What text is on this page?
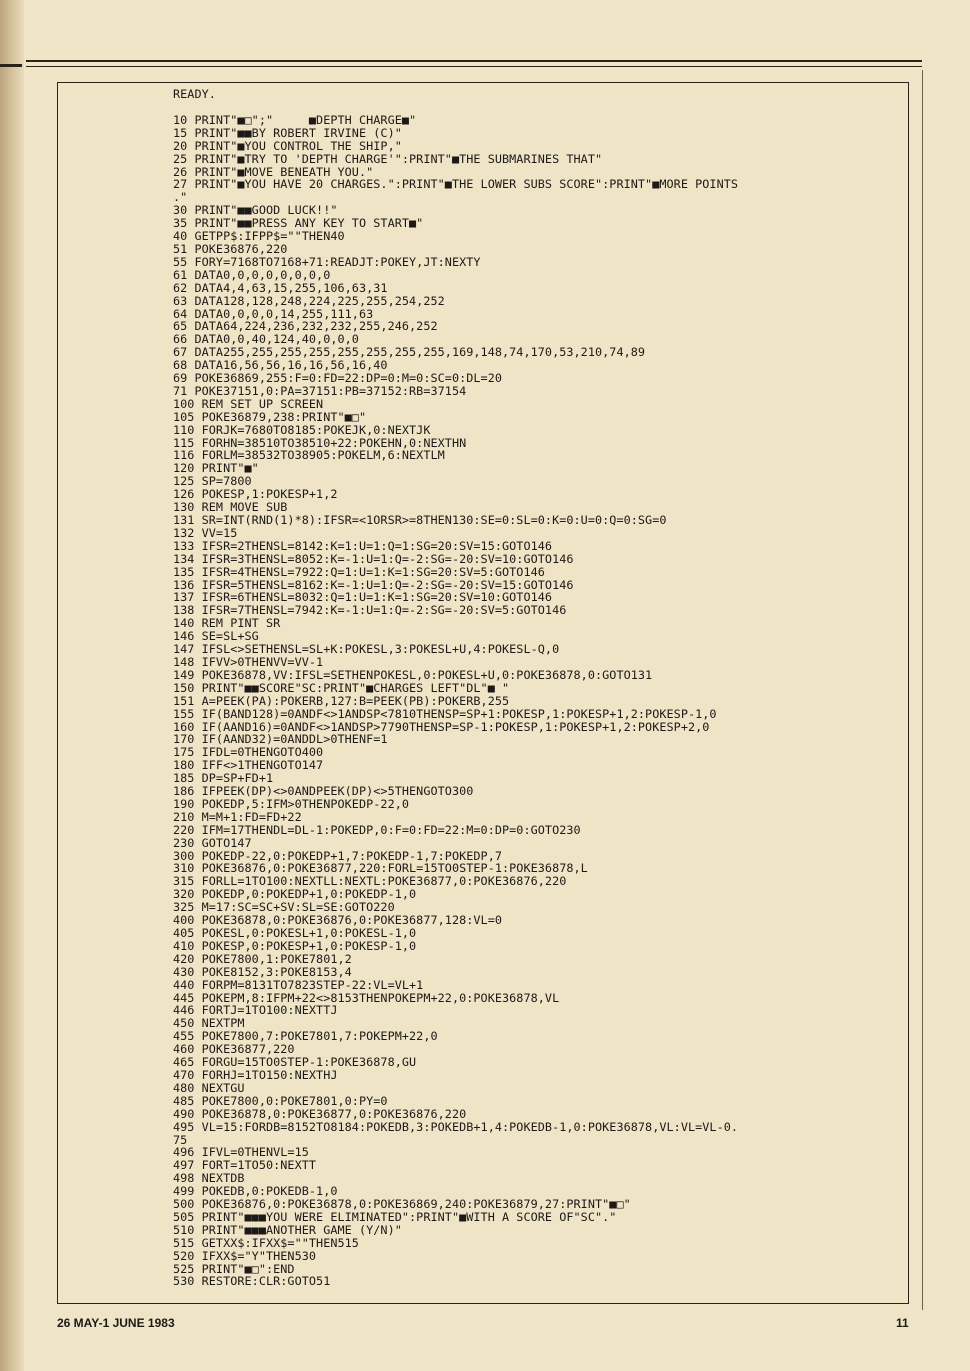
READY.
10 PRINT"■□";"     ■DEPTH CHARGE■"
15 PRINT"■■BY ROBERT IRVINE (C)"
20 PRINT"■YOU CONTROL THE SHIP,"
25 PRINT"■TRY TO 'DEPTH CHARGE'":PRINT"■THE SUBMARINES THAT"
26 PRINT"■MOVE BENEATH YOU."
27 PRINT"■YOU HAVE 20 CHARGES.":PRINT"■THE LOWER SUBS SCORE":PRINT"■MORE POINTS
."
30 PRINT"■■GOOD LUCK!!"
35 PRINT"■■PRESS ANY KEY TO START■"
40 GETPP$:IFPP$=""THEN40
51 POKE36876,220
55 FORY=7168TO7168+71:READJT:POKEY,JT:NEXTY
61 DATA0,0,0,0,0,0,0,0
62 DATA4,4,63,15,255,106,63,31
63 DATA128,128,248,224,225,255,254,252
64 DATA0,0,0,0,14,255,111,63
65 DATA64,224,236,232,232,255,246,252
66 DATA0,0,40,124,40,0,0,0
67 DATA255,255,255,255,255,255,255,255,169,148,74,170,53,210,74,89
68 DATA16,56,56,16,16,56,16,40
69 POKE36869,255:F=0:FD=22:DP=0:M=0:SC=0:DL=20
71 POKE37151,0:PA=37151:PB=37152:RB=37154
100 REM SET UP SCREEN
105 POKE36879,238:PRINT"■□"
110 FORJK=7680TO8185:POKEJK,0:NEXTJK
115 FORHN=38510TO38510+22:POKEHN,0:NEXTHN
116 FORLM=38532TO38905:POKELM,6:NEXTLM
120 PRINT"■"
125 SP=7800
126 POKESP,1:POKESP+1,2
130 REM MOVE SUB
131 SR=INT(RND(1)*8):IFSR=<1ORSR>=8THEN130:SE=0:SL=0:K=0:U=0:Q=0:SG=0
132 VV=15
133 IFSR=2THENSL=8142:K=1:U=1:Q=1:SG=20:SV=15:GOTO146
134 IFSR=3THENSL=8052:K=-1:U=1:Q=-2:SG=-20:SV=10:GOTO146
135 IFSR=4THENSL=7922:Q=1:U=1:K=1:SG=20:SV=5:GOTO146
136 IFSR=5THENSL=8162:K=-1:U=1:Q=-2:SG=-20:SV=15:GOTO146
137 IFSR=6THENSL=8032:Q=1:U=1:K=1:SG=20:SV=10:GOTO146
138 IFSR=7THENSL=7942:K=-1:U=1:Q=-2:SG=-20:SV=5:GOTO146
140 REM PINT SR
146 SE=SL+SG
147 IFSL<>SETHENSL=SL+K:POKESL,3:POKESL+U,4:POKESL-Q,0
148 IFVV>0THENVV=VV-1
149 POKE36878,VV:IFSL=SETHENPOKESL,0:POKESL+U,0:POKE36878,0:GOTO131
150 PRINT"■■SCORE"SC:PRINT"■CHARGES LEFT"DL"■ "
151 A=PEEK(PA):POKERB,127:B=PEEK(PB):POKERB,255
155 IF(BAND128)=0ANDF<>1ANDSP<7810THENSP=SP+1:POKESP,1:POKESP+1,2:POKESP-1,0
160 IF(AAND16)=0ANDF<>1ANDSP>7790THENSP=SP-1:POKESP,1:POKESP+1,2:POKESP+2,0
170 IF(AAND32)=0ANDDL>0THENF=1
175 IFDL=0THENGOTO400
180 IFF<>1THENGOTO147
185 DP=SP+FD+1
186 IFPEEK(DP)<>0ANDPEEK(DP)<>5THENGOTO300
190 POKEDP,5:IFM>0THENPOKEDP-22,0
210 M=M+1:FD=FD+22
220 IFM=17THENDL=DL-1:POKEDP,0:F=0:FD=22:M=0:DP=0:GOTO230
230 GOTO147
300 POKEDP-22,0:POKEDP+1,7:POKEDP-1,7:POKEDP,7
310 POKE36876,0:POKE36877,220:FORL=15TO0STEP-1:POKE36878,L
315 FORLL=1TO100:NEXTLL:NEXTL:POKE36877,0:POKE36876,220
320 POKEDP,0:POKEDP+1,0:POKEDP-1,0
325 M=17:SC=SC+SV:SL=SE:GOTO220
400 POKE36878,0:POKE36876,0:POKE36877,128:VL=0
405 POKESL,0:POKESL+1,0:POKESL-1,0
410 POKESP,0:POKESP+1,0:POKESP-1,0
420 POKE7800,1:POKE7801,2
430 POKE8152,3:POKE8153,4
440 FORPM=8131TO7823STEP-22:VL=VL+1
445 POKEPM,8:IFPM+22<>8153THENPOKEPM+22,0:POKE36878,VL
446 FORTJ=1TO100:NEXTTJ
450 NEXTPM
455 POKE7800,7:POKE7801,7:POKEPM+22,0
460 POKE36877,220
465 FORGU=15TO0STEP-1:POKE36878,GU
470 FORHJ=1TO150:NEXTHJ
480 NEXTGU
485 POKE7800,0:POKE7801,0:PY=0
490 POKE36878,0:POKE36877,0:POKE36876,220
495 VL=15:FORDB=8152TO8184:POKEDB,3:POKEDB+1,4:POKEDB-1,0:POKE36878,VL:VL=VL-0.
75
496 IFVL=0THENVL=15
497 FORT=1TO50:NEXTT
498 NEXTDB
499 POKEDB,0:POKEDB-1,0
500 POKE36876,0:POKE36878,0:POKE36869,240:POKE36879,27:PRINT"■□"
505 PRINT"■■■YOU WERE ELIMINATED":PRINT"■WITH A SCORE OF"SC"."
510 PRINT"■■■ANOTHER GAME (Y/N)"
515 GETXX$:IFXX$=""THEN515
520 IFXX$="Y"THEN530
525 PRINT"■□":END
530 RESTORE:CLR:GOTO51
26 MAY-1 JUNE 1983	11
